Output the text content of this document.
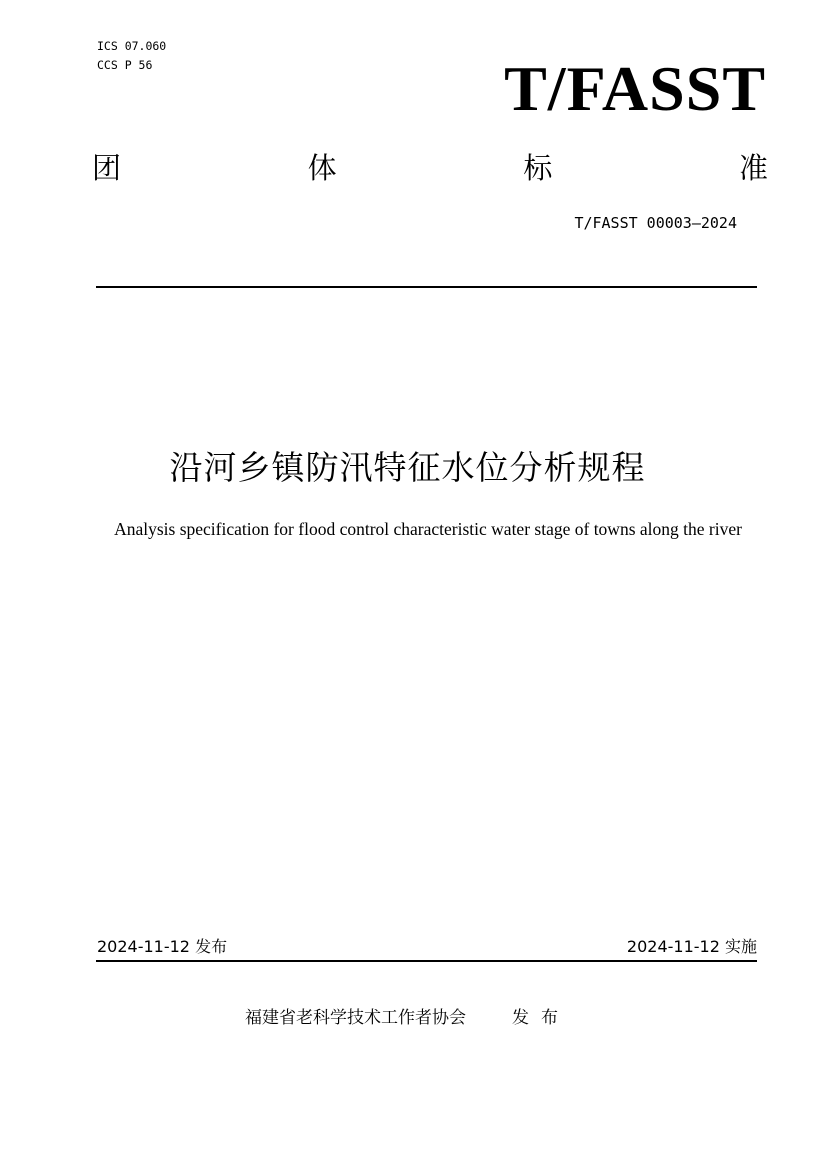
ICS 07.060
CCS P 56	T/FASST
团	体	标	准
T/FASST 00003—2024
沿河乡镇防汛特征水位分析规程
Analysis specification for flood control characteristic water stage of towns along the river
2024-11-12 发布	2024-11-12 实施
福建省老科学技术工作者协会	发布
